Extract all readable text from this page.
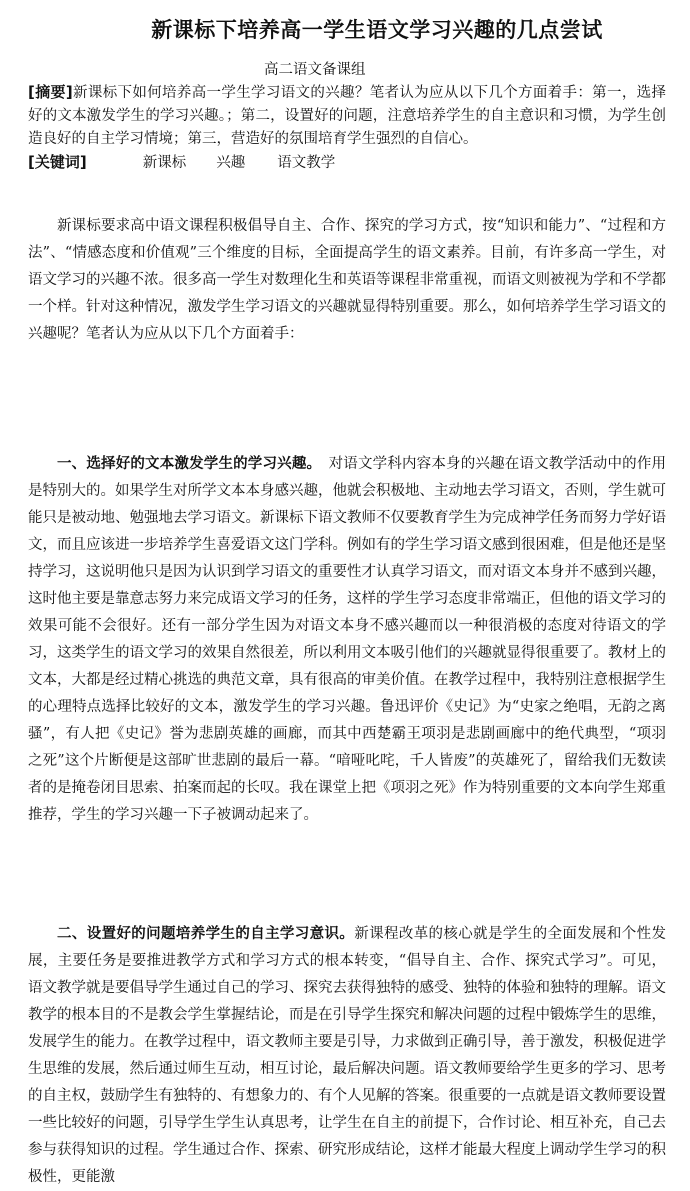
新课标下培养高一学生语文学习兴趣的几点尝试
高二语文备课组
[摘要]新课标下如何培养高一学生学习语文的兴趣？笔者认为应从以下几个方面着手：第一，选择好的文本激发学生的学习兴趣。；第二，设置好的问题，注意培养学生的自主意识和习惯，为学生创造良好的自主学习情境；第三，营造好的氛围培育学生强烈的自信心。
[关键词]	新课标 兴趣 语文教学

新课标要求高中语文课程积极倡导自主、合作、探究的学习方式，按“知识和能力”、“过程和方法”、“情感态度和价值观”三个维度的目标，全面提高学生的语文素养。目前，有许多高一学生，对语文学习的兴趣不浓。很多高一学生对数理化生和英语等课程非常重视，而语文则被视为学和不学都一个样。针对这种情况，激发学生学习语文的兴趣就显得特别重要。那么，如何培养学生学习语文的兴趣呢？笔者认为应从以下几个方面着手：

一、选择好的文本激发学生的学习兴趣。　 对语文学科内容本身的兴趣在语文教学活动中的作用是特别大的。如果学生对所学文本本身感兴趣，他就会积极地、主动地去学习语文，否则，学生就可能只是被动地、勉强地去学习语文。新课标下语文教师不仅要教育学生为完成神学任务而努力学好语文，而且应该进一步培养学生喜爱语文这门学科。例如有的学生学习语文感到很困难，但是他还是坚持学习，这说明他只是因为认识到学习语文的重要性才认真学习语文，而对语文本身并不感到兴趣，这时他主要是靠意志努力来完成语文学习的任务，这样的学生学习态度非常端正，但他的语文学习的效果可能不会很好。还有一部分学生因为对语文本身不感兴趣而以一种很消极的态度对待语文的学习，这类学生的语文学习的效果自然很差，所以利用文本吸引他们的兴趣就显得很重要了。教材上的文本，大都是经过精心挑选的典范文章，具有很高的审美价值。在教学过程中，我特别注意根据学生的心理特点选择比较好的文本，激发学生的学习兴趣。鲁迅评价《史记》为“史家之绝唱，无韵之离骚”，有人把《史记》誉为悲剧英雄的画廊，而其中西楚霸王项羽是悲剧画廊中的绝代典型，“项羽之死”这个片断便是这部旷世悲剧的最后一幕。“喑哑叱咤，千人皆废”的英雄死了，留给我们无数读者的是掩卷闭目思索、拍案而起的长叹。我在课堂上把《项羽之死》作为特别重要的文本向学生郑重推荐，学生的学习兴趣一下子被调动起来了。

二、设置好的问题培养学生的自主学习意识。新课程改革的核心就是学生的全面发展和个性发展，主要任务是要推进教学方式和学习方式的根本转变，“倡导自主、合作、探究式学习”。可见，语文教学就是要倡导学生通过自己的学习、探究去获得独特的感受、独特的体验和独特的理解。语文教学的根本目的不是教会学生掌握结论，而是在引导学生探究和解决问题的过程中锻炼学生的思维，发展学生的能力。在教学过程中，语文教师主要是引导，力求做到正确引导，善于激发，积极促进学生思维的发展，然后通过师生互动，相互讨论，最后解决问题。语文教师要给学生更多的学习、思考的自主权，鼓励学生有独特的、有想象力的、有个人见解的答案。很重要的一点就是语文教师要设置一些比较好的问题，引导学生学生认真思考，让学生在自主的前提下，合作讨论、相互补充，自己去参与获得知识的过程。学生通过合作、探索、研究形成结论，这样才能最大程度上调动学生学习的积极性，更能激
